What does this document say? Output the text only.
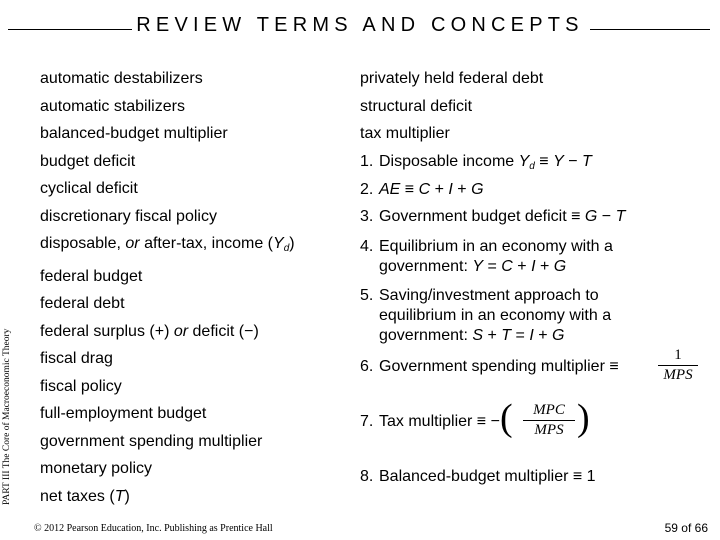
REVIEW TERMS AND CONCEPTS
PART III The Core of Macroeconomic Theory
automatic destabilizers
automatic stabilizers
balanced-budget multiplier
budget deficit
cyclical deficit
discretionary fiscal policy
disposable, or after-tax, income $(Y_d)$
federal budget
federal debt
federal surplus (+) or deficit (−)
fiscal drag
fiscal policy
full-employment budget
government spending multiplier
monetary policy
net taxes (T)
privately held federal debt
structural deficit
tax multiplier
1. Disposable income $Y_d \equiv Y - T$
2. AE ≡ C + I + G
3. Government budget deficit ≡ G − T
4. Equilibrium in an economy with a
government: Y = C + I + G
5. Saving/investment approach to
equilibrium in an economy with a
government: S + T = I + G
6. Government spending multiplier ≡
1
MPS
7. Tax multiplier ≡ − (	MPC
MPS )
8. Balanced-budget multiplier ≡ 1
© 2012 Pearson Education, Inc. Publishing as Prentice Hall	59 of 66
